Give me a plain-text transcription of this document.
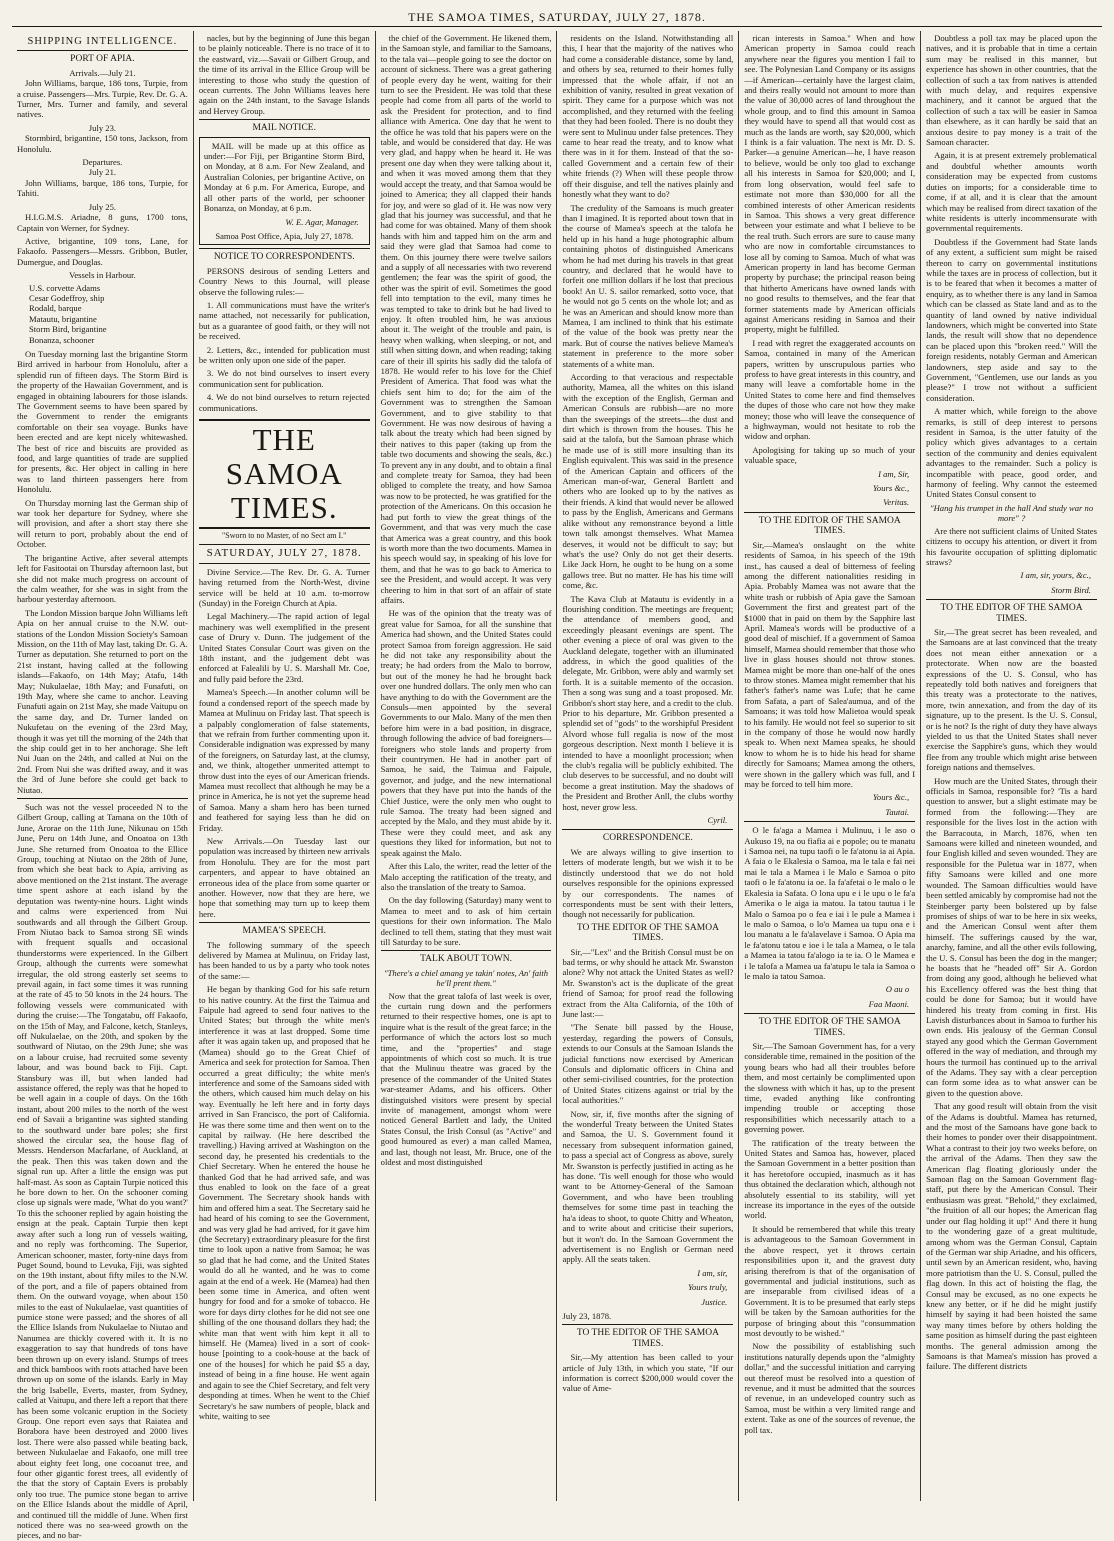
THE SAMOA TIMES, SATURDAY, JULY 27, 1878.
SHIPPING INTELLIGENCE.
PORT OF APIA.
Arrivals.—July 21.

John Williams, barque, 186 tons, Turpie, from a cruise. Passengers—Mrs. Turpie, Rev. Dr. G. A. Turner, Mrs. Turner and family, and several natives.

July 23.

Stormbird, brigantine, 150 tons, Jackson, from Honolulu.

Departures.
July 21.

John Williams, barque, 186 tons, Turpie, for Tahiti.

July 25.

H.I.G.M.S. Ariadne, 8 guns, 1700 tons, Captain von Werner, for Sydney.

Active, brigantine, 109 tons, Lane, for Fakaofo. Passengers—Messrs. Gribbon, Butler, Dumergue, and Douglas.

Vessels in Harbour.
U.S. corvette Adams
Cesar Godeffroy, ship
Rodald, barque
Matautu, brigantine
Storm Bird, brigantine
Bonanza, schooner

On Tuesday morning last the brigantine Storm Bird arrived in harbour from Honolulu, after a splendid run of fifteen days. The Storm Bird is the property of the Hawaiian Government, and is engaged in obtaining labourers for those islands. The Government seems to have been spared by the Government to render the emigrants comfortable on their sea voyage. Bunks have been erected and are kept nicely whitewashed. The best of rice and biscuits are provided as food, and large quantities of trade are supplied for presents, &c. Her object in calling in here was to land thirteen passengers here from Honolulu.

On Thursday morning last the German ship of war took her departure for Sydney, where she will provision, and after a short stay there she will return to port, probably about the end of October.

The brigantine Active, after several attempts left for Fasitootai on Thursday afternoon last, but she did not make much progress on account of the calm weather, for she was in sight from the harbour yesterday afternoon.

The London Mission barque John Williams left Apia on her annual cruise to the N.W. out-stations of the London Mission Society's Samoan Mission, on the 11th of May last, taking Dr. G. A. Turner as deputation. She returned to port on the 21st instant, having called at the following islands—Fakaofo, on 14th May; Atafu, 14th May; Nukulaelae, 18th May; and Funafuti, on 19th May, where she came to anchor. Leaving Funafuti again on 21st May, she made Vaitupu on the same day, and Dr. Turner landed on Nukufetau on the evening of the 23rd May, though it was yet till the morning of the 24th that the ship could get in to her anchorage. She left Nui Juan on the 24th, and called at Nui on the 2nd. From Nui she was drifted away, and it was the 3rd of June before she could get back to Niutao.

Such was not the vessel proceeded N to the Gilbert Group, calling at Tamana on the 10th of June, Arorae on the 11th June, Nikunau on 15th June, Peru on 14th June, and Onoatoa on 13th June. She returned from Onoatoa to the Ellice Group, touching at Niutao on the 28th of June, from which she beat back to Apia, arriving as above mentioned on the 21st instant. The average time spent ashore at each island by the deputation was twenty-nine hours. Light winds and calms were experienced from Nui southwards and all through the Gilbert Group. From Niutao back to Samoa strong SE winds with frequent squalls and occasional thunderstorms were experienced. In the Gilbert Group, although the currents were somewhat irregular, the old strong easterly set seems to prevail again, in fact some times it was running at the rate of 45 to 50 knots in the 24 hours. The following vessels were communicated with during the cruise:—The Tongatabu, off Fakaofo, on the 15th of May, and Falcone, ketch, Stanleys, off Nukulaelae, on the 20th, and spoken by the southward of Niutao, on the 29th June; she was on a labour cruise, had recruited some seventy labour, and was bound back to Fiji. Capt. Stansbury was ill, but when landed had assistance offered, the reply was that he hoped to be well again in a couple of days. On the 16th instant, about 200 miles to the north of the west end of Savaii a brigantine was sighted standing to the southward under bare poles; she first showed the circular sea, the house flag of Messrs. Henderson Macfarlane, of Auckland, at the peak. Then this was taken down and the signal run up. After a little the ensign was put half-mast. As soon as Captain Turpie noticed this he bore down to her. On the schooner coming close up signals were made, 'What do you want?' To this the schooner replied by again hoisting the ensign at the peak. Captain Turpie then kept away after such a long run of vessels waiting, and no reply was forthcoming. The Superior, American schooner, master, forty-nine days from Puget Sound, bound to Levuka, Fiji, was sighted on the 19th instant, about fifty miles to the N.W. of the port, and a file of papers obtained from them. On the outward voyage, when about 150 miles to the east of Nukulaelae, vast quantities of pumice stone were passed; and the shores of all the Ellice Islands from Nukulaelae to Niutao and Nanumea are thickly covered with it. It is no exaggeration to say that hundreds of tons have been thrown up on every island. Stumps of trees and thick bamboos with roots attached have been thrown up on some of the islands. Early in May the brig Isabelle, Everts, master, from Sydney, called at Vaitupu, and there left a report that there has been some volcanic eruption in the Society Group. One report even says that Raiatea and Borabora have been destroyed and 2000 lives lost. There were also passed while beating back, between Nukulaelae and Fakaofo, one mill tree about eighty feet long, one cocoanut tree, and four other gigantic forest trees, all evidently of the that the story of Captain Evers is probably only too true. The pumice stone began to arrive on the Ellice Islands about the middle of April, and continued till the middle of June. When first noticed there was no sea-weed growth on the pieces, and no bar-

nacles, but by the beginning of June this began to be plainly noticeable. There is no trace of it to the eastward, viz.—Savaii or Gilbert Group, and the time of its arrival in the Ellice Group will be interesting to those who study the question of ocean currents. The John Williams leaves here again on the 24th instant, to the Savage Islands and Hervey Group.

MAIL NOTICE.

MAIL will be made up at this office as under:—For Fiji, per Brigantine Storm Bird, on Monday, at 8 a.m. For New Zealand, and Australian Colonies, per brigantine Active, on Monday at 6 p.m. For America, Europe, and all other parts of the world, per schooner Bonanza, on Monday, at 6 p.m.

W. E. Agar, Manager.
Samoa Post Office, Apia, July 27, 1878.
NOTICE TO CORRESPONDENTS.

PERSONS desirous of sending Letters and Country News to this Journal, will please observe the following rules:—

1. All communications must have the writer's name attached, not necessarily for publication, but as a guarantee of good faith, or they will not be received.

2. Letters, &c., intended for publication must be written only upon one side of the paper.

3. We do not bind ourselves to insert every communication sent for publication.

4. We do not bind ourselves to return rejected communications.

THE SAMOA TIMES.
"Sworn to no Master, of no Sect am I."
SATURDAY, JULY 27, 1878.

Divine Service.—The Rev. Dr. G. A. Turner having returned from the North-West, divine service will be held at 10 a.m. to-morrow (Sunday) in the Foreign Church at Apia.

Legal Machinery.—The rapid action of legal machinery was well exemplified in the present case of Drury v. Dunn. The judgement of the United States Consular Court was given on the 18th instant, and the judgement debt was enforced at Falealili by U. S. Marshall Mr. Coe, and fully paid before the 23rd.

Mamea's Speech.—In another column will be found a condensed report of the speech made by Mamea at Mulinuu on Friday last. That speech is a palpably conglomeration of false statements, that we refrain from further commenting upon it. Considerable indignation was expressed by many of the foreigners, on Saturday last, at the clumsy, and, we think, altogether unmerited attempt to throw dust into the eyes of our American friends. Mamea must recollect that although he may be a prince in America, he is not yet the supreme head of Samoa. Many a sham hero has been turned and feathered for saying less than he did on Friday.

New Arrivals.—On Tuesday last our population was increased by thirteen new arrivals from Honolulu. They are for the most part carpenters, and appear to have obtained an erroneous idea of the place from some quarter or another. However, now that they are here, we hope that something may turn up to keep them here.

MAMEA'S SPEECH.

The following summary of the speech delivered by Mamea at Mulinuu, on Friday last, has been handed to us by a party who took notes of the same:—

He began by thanking God for his safe return to his native country. At the first the Taimua and Faipule had agreed to send four natives to the United States; but through the white men's interference it was at last dropped. Some time after it was again taken up, and proposed that he (Mamea) should go to the Great Chief of America and seek for protection for Samoa. Then occurred a great difficulty; the white men's interference and some of the Samoans sided with the others, which caused him much delay on his way. Eventually he left here and in forty days arrived in San Francisco, the port of California. He was there some time and then went on to the capital by railway. (He here described the travelling.) Having arrived at Washington on the second day, he presented his credentials to the Chief Secretary. When he entered the house he thanked God that he had arrived safe, and was thus enabled to look on the face of a great Government. The Secretary shook hands with him and offered him a seat. The Secretary said he had heard of his coming to see the Government, and was very glad he had arrived, for it gave him (the Secretary) extraordinary pleasure for the first time to look upon a native from Samoa; he was so glad that he had come, and the United States would do all he wanted, and he was to come again at the end of a week. He (Mamea) had then been some time in America, and often went hungry for food and for a smoke of tobacco. He wore for days dirty clothes for he did not see one shilling of the one thousand dollars they had; the white man that went with him kept it all to himself. He (Mamea) lived in a sort of cook-house [pointing to a cook-house at the back of one of the houses] for which he paid $5 a day, instead of being in a fine house. He went again and again to see the Chief Secretary, and felt very desponding at times. When he went to the Chief Secretary's he saw numbers of people, black and white, waiting to see

the chief of the Government. He likened them, in the Samoan style, and familiar to the Samoans, to the tala vai—people going to see the doctor on account of sickness. There was a great gathering of people every day he went, waiting for their turn to see the President. He was told that these people had come from all parts of the world to ask the President for protection, and to find alliance with America. One day that he went to the office he was told that his papers were on the table, and would be considered that day. He was very glad, and happy when he heard it. He was present one day when they were talking about it, and when it was moved among them that they would accept the treaty, and that Samoa would be joined to America; they all clapped their hands for joy, and were so glad of it. He was now very glad that his journey was successful, and that he had come for was obtained. Many of them shook hands with him and tapped him on the arm and said they were glad that Samoa had come to them. On this journey there were twelve sailors and a supply of all necessaries with two reverend gentlemen; the fear was the spirit of good, the other was the spirit of evil. Sometimes the good fell into temptation to the evil, many times he was tempted to take to drink but he had lived to enjoy. It often troubled him, he was anxious about it. The weight of the trouble and pain, is heavy when walking, when sleeping, or not, and still when sitting down, and when reading; taking care of their ill spirits his sadly did the talofa of 1878. He would refer to his love for the Chief President of America. That food was what the chiefs sent him to do; for the aim of the Government was to strengthen the Samoan Government, and to give stability to that Government. He was now desirous of having a talk about the treaty which had been signed by their natives to this paper (taking up from the table two documents and showing the seals, &c.) To prevent any in any doubt, and to obtain a final and complete treaty for Samoa, they had been obliged to complete the treaty, and how Samoa was now to be protected, he was gratified for the protection of the Americans. On this occasion he had put forth to view the great things of the Government, and that was very much the case that America was a great country, and this book is worth more than the two documents. Mamea in his speech would say, in speaking of his love for them, and that he was to go back to America to see the President, and would accept. It was very cheering to him in that sort of an affair of state affairs.

He was of the opinion that the treaty was of great value for Samoa, for all the sunshine that America had shown, and the United States could protect Samoa from foreign aggression. He said he did not take any responsibility about the treaty; he had orders from the Malo to borrow, but out of the money he had he brought back over one hundred dollars. The only men who can have anything to do with the Government are the Consuls—men appointed by the several Governments to our Malo. Many of the men then before him were in a bad position, in disgrace, through following the advice of bad foreigners—foreigners who stole lands and property from their countrymen. He had in another part of Samoa, he said, the Taimua and Faipule, governor, and judge, and the new international powers that they have put into the hands of the Chief Justice, were the only men who ought to rule Samoa. The treaty had been signed and accepted by the Malo, and they must abide by it. These were they could meet, and ask any questions they liked for information, but not to speak against the Malo.

After this Lalo, the writer, read the letter of the Malo accepting the ratification of the treaty, and also the translation of the treaty to Samoa.

On the day following (Saturday) many went to Mamea to meet and to ask of him certain questions for their own information. The Malo declined to tell them, stating that they must wait till Saturday to be sure.

TALK ABOUT TOWN.
"There's a chiel amang ye takin' notes, An' faith he'll prent them."

Now that the great talofa of last week is over, the curtain rung down and the performers returned to their respective homes, one is apt to inquire what is the result of the great farce; in the performance of which the actors lost so much time, and the "properties" and stage appointments of which cost so much. It is true that the Mulinuu theatre was graced by the presence of the commander of the United States war-steamer Adams, and his officers. Other distinguished visitors were present by special invite of management, amongst whom were noticed General Bartlett and lady, the United States Consul, the Irish Consul (as "Active" and good humoured as ever) a man called Mamea, and last, though not least, Mr. Bruce, one of the oldest and most distinguished

residents on the Island. Notwithstanding all this, I hear that the majority of the natives who had come a considerable distance, some by land, and others by sea, returned to their homes fully impressed that the whole affair, if not an exhibition of vanity, resulted in great vexation of spirit. They came for a purpose which was not accomplished, and they returned with the feeling that they had been fooled. There is no doubt they were sent to Mulinuu under false pretences. They came to hear read the treaty, and to know what there was in it for them. Instead of that the so-called Government and a certain few of their white friends (?) When will these people throw off their disguise, and tell the natives plainly and honestly what they want to do?

The credulity of the Samoans is much greater than I imagined. It is reported about town that in the course of Mamea's speech at the talofa he held up in his hand a huge photographic album containing photos of distinguished Americans whom he had met during his travels in that great country, and declared that he would have to forfeit one million dollars if he lost that precious book! An U. S. sailor remarked, sotto voce, that he would not go 5 cents on the whole lot; and as he was an American and should know more than Mamea, I am inclined to think that his estimate of the value of the book was pretty near the mark. But of course the natives believe Mamea's statement in preference to the more sober statements of a white man.

According to that veracious and respectable authority, Mamea, all the whites on this island with the exception of the English, German and American Consuls are rubbish—are no more than the sweepings of the streets—the dust and dirt which is thrown from the houses. This he said at the talofa, but the Samoan phrase which he made use of is still more insulting than its English equivalent. This was said in the presence of the American Captain and officers of the American man-of-war, General Bartlett and others who are looked up to by the natives as their friends. A kind that would never be allowed to pass by the English, Americans and Germans alike without any remonstrance beyond a little town talk amongst themselves. What Mamea deserves, it would not be difficult to say; but what's the use? Only do not get their deserts. Like Jack Horn, he ought to be hung on a some gallows tree. But no matter. He has his time will come, &c.

The Kava Club at Matautu is evidently in a flourishing condition. The meetings are frequent; the attendance of members good, and exceedingly pleasant evenings are spent. The other evening a piece of oral was given to the Auckland delegate, together with an illuminated address, in which the good qualities of the delegate, Mr. Gribbon, were ably and warmly set forth. It is a suitable memento of the occasion. Then a song was sung and a toast proposed. Mr. Gribbon's short stay here, and a credit to the club. Prior to his departure, Mr. Gribbon presented a splendid set of "gods" to the worshipful President Alvord whose full regalia is now of the most gorgeous description. Next month I believe it is intended to have a moonlight procession; when the club's regalia will be publicly exhibited. The club deserves to be successful, and no doubt will become a great institution. May the shadows of the President and Brother Anll, the clubs worthy host, never grow less.

Cyril.
CORRESPONDENCE.

We are always willing to give insertion to letters of moderate length, but we wish it to be distinctly understood that we do not hold ourselves responsible for the opinions expressed by our correspondents. The names of correspondents must be sent with their letters, though not necessarily for publication.

TO THE EDITOR OF THE SAMOA TIMES.

Sir,—"Lex" and the British Consul must be on bad terms, or why should he attack Mr. Swanston alone? Why not attack the United States as well? Mr. Swanston's act is the duplicate of the great friend of Samoa; for proof read the following extract from the Alta California, of the 10th of June last:—

"The Senate bill passed by the House, yesterday, regarding the powers of Consuls, extends to our Consuls at the Samoan Islands the judicial functions now exercised by American Consuls and diplomatic officers in China and other semi-civilised countries, for the protection of United States citizens against or trial by the local authorities."

Now, sir, if, five months after the signing of the wonderful Treaty between the United States and Samoa, the U. S. Government found it necessary from subsequent information gained, to pass a special act of Congress as above, surely Mr. Swanston is perfectly justified in acting as he has done. 'Tis well enough for those who would want to be Attorney-General of the Samoan Government, and who have been troubling themselves for some time past in teaching the ha'a ideas to shoot, to quote Chitty and Wheaton, and to write about and criticise their superiors, but it won't do. In the Samoan Government the advertisement is no English or German need apply. All the seats taken.

I am, sir,
Yours truly,
Justice.
July 23, 1878.
TO THE EDITOR OF THE SAMOA TIMES.

Sir,—My attention has been called to your article of July 13th, in which you state, "If our information is correct $200,000 would cover the value of Ame-

rican interests in Samoa." When and how American property in Samoa could reach anywhere near the figures you mention I fail to see. The Polynesian Land Company or its assigns—if American—certainly have the largest claim, and theirs really would not amount to more than the value of 30,000 acres of land throughout the whole group, and to find this amount in Samoa they would have to spend all that would cost as much as the lands are worth, say $20,000, which I think is a fair valuation. The next is Mr. D. S. Parker—a genuine American—he, I have reason to believe, would be only too glad to exchange all his interests in Samoa for $20,000; and I, from long observation, would feel safe to estimate not more than $30,000 for all the combined interests of other American residents in Samoa. This shows a very great difference between your estimate and what I believe to be the real truth. Such errors are sure to cause many who are now in comfortable circumstances to lose all by coming to Samoa. Much of what was American property in land has become German property by purchase; the principal reason being that hitherto Americans have owned lands with no good results to themselves, and the fear that former statements made by American officials against Americans residing in Samoa and their property, might be fulfilled.

I read with regret the exaggerated accounts on Samoa, contained in many of the American papers, written by unscrupulous parties who profess to have great interests in this country, and many will leave a comfortable home in the United States to come here and find themselves the dupes of those who care not how they make money; those who will leave the consequence of a highwayman, would not hesitate to rob the widow and orphan.

Apologising for taking up so much of your valuable space,

I am, Sir,
Yours &c.,
Veritas.
TO THE EDITOR OF THE SAMOA TIMES.

Sir,—Mamea's onslaught on the white residents of Samoa, in his speech of the 19th inst., has caused a deal of bitterness of feeling among the different nationalities residing in Apia. Probably Mamea was not aware that the white trash or rubbish of Apia gave the Samoan Government the first and greatest part of the $1000 that in paid on them by the Sapphire last April. Mamea's words will be productive of a good deal of mischief. If a government of Samoa himself, Mamea should remember that those who live in glass houses should not throw stones. Mamea might be more than one-half of the ones to throw stones. Mamea might remember that his father's father's name was Lufe; that he came from Safata, a part of Salea'aumua, and of the Samoans; it was told how Malietoa would speak to his family. He would not feel so superior to sit in the company of those he would now hardly speak to. When next Mamea speaks, he should know to whom he is to hide his head for shame directly for Samoans; Mamea among the others, were shown in the gallery which was full, and I may be forced to tell him more.

Yours &c.,
Tautai.

O le fa'aga a Mamea i Mulinuu, i le aso o Aukuso 19, na ou fiafia ai e popole; ou te manatu i Samoa nei, na tupu taofi o le fa'atonu ia ai Apia. A faia o le Ekalesia o Samoa, ma le tala e fai nei mai le tala a Mamea i le Malo e Samoa o pito taofi o le fa'atonu ia oe. Ia fa'afetai o le malo o le Ekalesia ia Safata. O lona upu e i le upu o le fa'a Amerika o le aiga ia matou. Ia tatou tautua i le Malo o Samoa po o fea e iai i le pule a Mamea i le malo o Samoa, o lo'o Mamea ua tupu ona e i lou manatu a le fa'alavelave i Samoa. O Apia ma le fa'atonu tatou e ioe i le tala a Mamea, o le tala a Mamea ia tatou fa'alogo ia te ia. O le Mamea e i le talofa a Mamea ua fa'atupu le tala ia Samoa o le malo ia tatou Samoa.

O au o
Faa Maoni.
TO THE EDITOR OF THE SAMOA TIMES.

Sir,—The Samoan Government has, for a very considerable time, remained in the position of the young bears who had all their troubles before them, and most certainly be complimented upon the slowness with which it has, up to the present time, evaded anything like confronting impending trouble or accepting those responsibilities which necessarily attach to a governing power.

The ratification of the treaty between the United States and Samoa has, however, placed the Samoan Government in a better position than it has heretofore occupied, inasmuch as it has thus obtained the declaration which, although not absolutely essential to its stability, will yet increase its importance in the eyes of the outside world.

It should be remembered that while this treaty is advantageous to the Samoan Government in the above respect, yet it throws certain responsibilities upon it, and the gravest duty arising therefrom is that of the organisation of governmental and judicial institutions, such as are inseparable from civilised ideas of a Government. It is to be presumed that early steps will be taken by the Samoan authorities for the purpose of bringing about this "consummation most devoutly to be wished."

Now the possibility of establishing such institutions naturally depends upon the "almighty dollar," and the successful initiation and carrying out thereof must be resolved into a question of revenue, and it must be admitted that the sources of revenue, in an undeveloped country such as Samoa, must be within a very limited range and extent. Take as one of the sources of revenue, the poll tax.

Doubtless a poll tax may be placed upon the natives, and it is probable that in time a certain sum may be realised in this manner, but experience has shown in other countries, that the collection of such a tax from natives is attended with much delay, and requires expensive machinery, and it cannot be argued that the collection of such a tax will be easier in Samoa than elsewhere, as it can hardly be said that an anxious desire to pay money is a trait of the Samoan character.

Again, it is at present extremely problematical and doubtful whether amounts worth consideration may be expected from customs duties on imports; for a considerable time to come, if at all, and it is clear that the amount which may be realised from direct taxation of the white residents is utterly incommensurate with governmental requirements.

Doubtless if the Government had State lands of any extent, a sufficient sum might be raised thereon to carry on governmental institutions while the taxes are in process of collection, but it is to be feared that when it becomes a matter of enquiry, as to whether there is any land in Samoa which can be classed as State land and as to the quantity of land owned by native individual landowners, which might be converted into State lands, the result will show that no dependence can be placed upon this "broken reed." Will the foreign residents, notably German and American landowners, step aside and say to the Government, "Gentlemen, use our lands as you please?" I trow not without a sufficient consideration.

A matter which, while foreign to the above remarks, is still of deep interest to persons resident in Samoa, is the utter fatuity of the policy which gives advantages to a certain section of the community and denies equivalent advantages to the remainder. Such a policy is incompatible with peace, good order, and harmony of feeling. Why cannot the esteemed United States Consul consent to

"Hang his trumpet in the hall And study war no more" ?

Are there not sufficient claims of United States citizens to occupy his attention, or divert it from his favourite occupation of splitting diplomatic straws?

I am, sir, yours, &c.,
Storm Bird.
TO THE EDITOR OF THE SAMOA TIMES.

Sir,—The great secret has been revealed, and the Samoans are at last convinced that the treaty does not mean either annexation or a protectorate. When now are the boasted expressions of the U. S. Consul, who has repeatedly told both natives and foreigners that this treaty was a protectorate to the natives, more, twin annexation, and from the day of its signature, up to the present. Is the U. S. Consul, or is he not? Is the right of duty they have always yielded to us that the United States shall never exercise the Sapphire's guns, which they would flee from any trouble which might arise between foreign nations and themselves.

How much are the United States, through their officials in Samoa, responsible for? 'Tis a hard question to answer, but a slight estimate may be formed from the following:—They are responsible for the lives lost in the action with the Barracouta, in March, 1876, when ten Samoans were killed and nineteen wounded, and four English killed and seven wounded. They are responsible for the Puletua war in 1877, when fifty Samoans were killed and one more wounded. The Samoan difficulties would have been settled amicably by compromise had not the Steinberger party been bolstered up by false promises of ships of war to be here in six weeks, and the American Consul went after them himself. The sufferings caused by the war, anarchy, famine, and all the other evils following, the U. S. Consul has been the dog in the manger; he boasts that he "headed off" Sir A. Gordon from doing any good, although he believed what his Excellency offered was the best thing that could be done for Samoa; but it would have hindered his treaty from coming in first. His Lavish disturbances about in Samoa to further his own ends. His jealousy of the German Consul stayed any good which the German Government offered in the way of mediation, and through my hours the turmoil has continued up to the arrival of the Adams. They say with a clear perception can form some idea as to what answer can be given to the question above.

That any good result will obtain from the visit of the Adams is doubtful. Mamea has returned, and the most of the Samoans have gone back to their homes to ponder over their disappointment. What a contrast to their joy two weeks before, on the arrival of the Adams. Then they saw the American flag floating gloriously under the Samoan flag on the Samoan Government flag-staff, put there by the American Consul. Their enthusiasm was great. "Behold," they exclaimed, "the fruition of all our hopes; the American flag under our flag holding it up!" And there it hung to the wondering gaze of a great multitude, among whom was the German Consul, Captain of the German war ship Ariadne, and his officers, until sewn by an American resident, who, having more patriotism than the U. S. Consul, pulled the flag down. In this act of hoisting the flag, the Consul may be excused, as no one expects he knew any better, or if he did he might justify himself by saying it had been hoisted the same way many times before by others holding the same position as himself during the past eighteen months. The general admission among the Samoans is that Mamea's mission has proved a failure. The different districts
